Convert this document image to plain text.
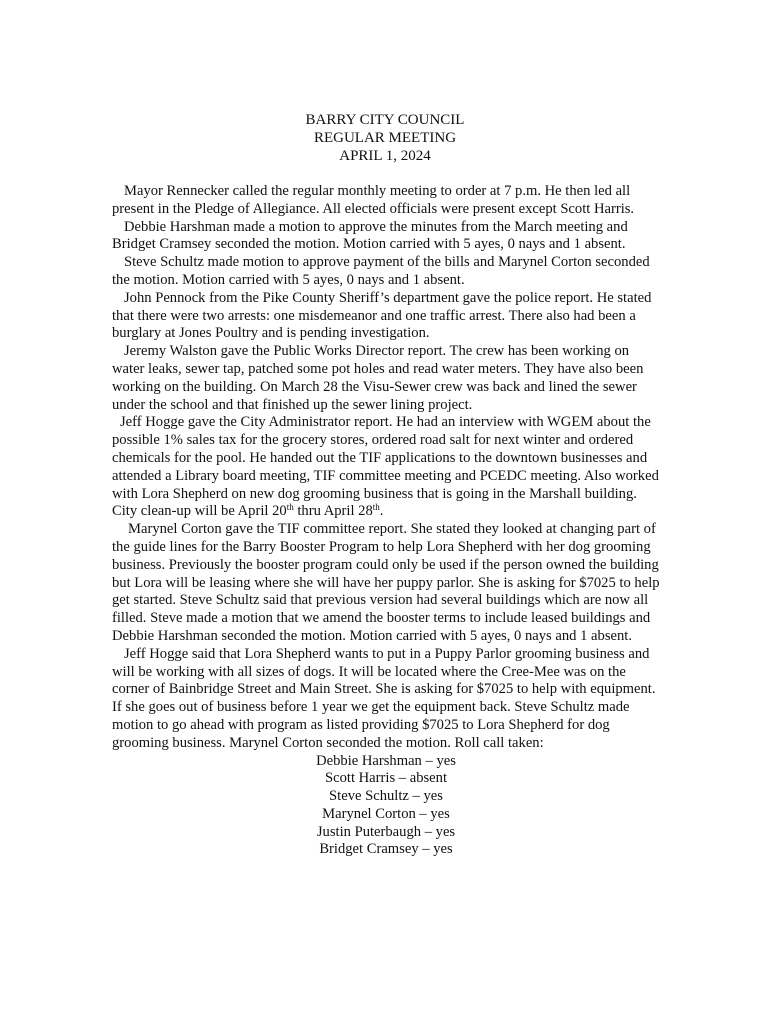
BARRY CITY COUNCIL
REGULAR MEETING
APRIL 1, 2024

Mayor Rennecker called the regular monthly meeting to order at 7 p.m. He then led all present in the Pledge of Allegiance. All elected officials were present except Scott Harris.

Debbie Harshman made a motion to approve the minutes from the March meeting and Bridget Cramsey seconded the motion. Motion carried with 5 ayes, 0 nays and 1 absent.

Steve Schultz made motion to approve payment of the bills and Marynel Corton seconded the motion. Motion carried with 5 ayes, 0 nays and 1 absent.

John Pennock from the Pike County Sheriff’s department gave the police report. He stated that there were two arrests: one misdemeanor and one traffic arrest. There also had been a burglary at Jones Poultry and is pending investigation.

Jeremy Walston gave the Public Works Director report. The crew has been working on water leaks, sewer tap, patched some pot holes and read water meters. They have also been working on the building. On March 28 the Visu-Sewer crew was back and lined the sewer under the school and that finished up the sewer lining project.

Jeff Hogge gave the City Administrator report. He had an interview with WGEM about the possible 1% sales tax for the grocery stores, ordered road salt for next winter and ordered chemicals for the pool. He handed out the TIF applications to the downtown businesses and attended a Library board meeting, TIF committee meeting and PCEDC meeting. Also worked with Lora Shepherd on new dog grooming business that is going in the Marshall building. City clean-up will be April 20th thru April 28th.

Marynel Corton gave the TIF committee report. She stated they looked at changing part of the guide lines for the Barry Booster Program to help Lora Shepherd with her dog grooming business. Previously the booster program could only be used if the person owned the building but Lora will be leasing where she will have her puppy parlor. She is asking for $7025 to help get started. Steve Schultz said that previous version had several buildings which are now all filled. Steve made a motion that we amend the booster terms to include leased buildings and Debbie Harshman seconded the motion. Motion carried with 5 ayes, 0 nays and 1 absent.

Jeff Hogge said that Lora Shepherd wants to put in a Puppy Parlor grooming business and will be working with all sizes of dogs. It will be located where the Cree-Mee was on the corner of Bainbridge Street and Main Street. She is asking for $7025 to help with equipment. If she goes out of business before 1 year we get the equipment back. Steve Schultz made motion to go ahead with program as listed providing $7025 to Lora Shepherd for dog grooming business. Marynel Corton seconded the motion. Roll call taken:

Debbie Harshman – yes
Scott Harris – absent
Steve Schultz – yes
Marynel Corton – yes
Justin Puterbaugh – yes
Bridget Cramsey – yes
